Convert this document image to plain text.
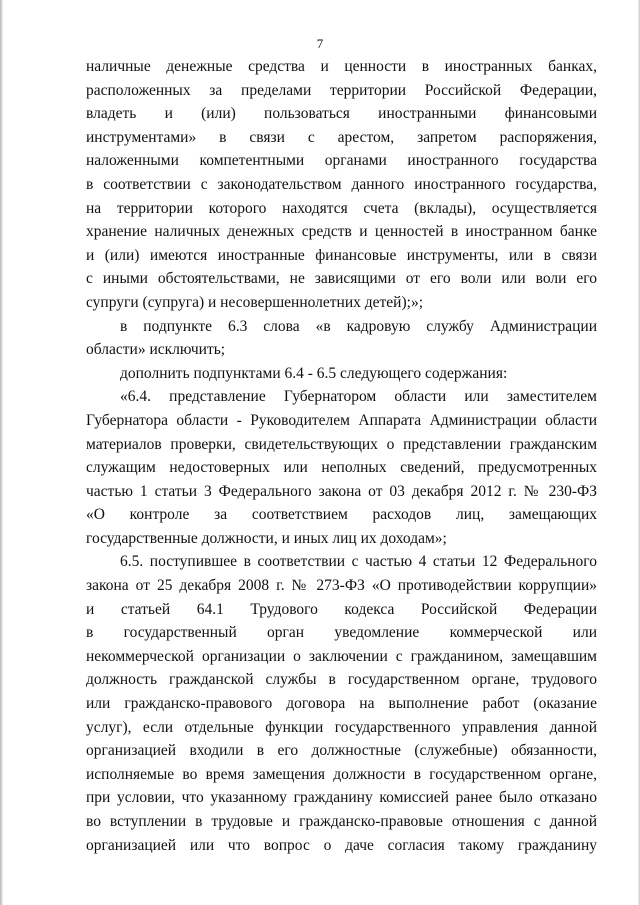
7
наличные денежные средства и ценности в иностранных банках,
расположенных за пределами территории Российской Федерации,
владеть и (или) пользоваться иностранными финансовыми
инструментами» в связи с арестом, запретом распоряжения,
наложенными компетентными органами иностранного государства
в соответствии с законодательством данного иностранного государства,
на территории которого находятся счета (вклады), осуществляется
хранение наличных денежных средств и ценностей в иностранном банке
и (или) имеются иностранные финансовые инструменты, или в связи
с иными обстоятельствами, не зависящими от его воли или воли его
супруги (супруга) и несовершеннолетних детей);»;
в подпункте 6.3 слова «в кадровую службу Администрации
области» исключить;
дополнить подпунктами 6.4 - 6.5 следующего содержания:
«6.4. представление Губернатором области или заместителем
Губернатора области - Руководителем Аппарата Администрации области
материалов проверки, свидетельствующих о представлении гражданским
служащим недостоверных или неполных сведений, предусмотренных
частью 1 статьи 3 Федерального закона от 03 декабря 2012 г. № 230-ФЗ
«О контроле за соответствием расходов лиц, замещающих
государственные должности, и иных лиц их доходам»;
6.5. поступившее в соответствии с частью 4 статьи 12 Федерального
закона от 25 декабря 2008 г. № 273-ФЗ «О противодействии коррупции»
и статьей 64.1 Трудового кодекса Российской Федерации
в государственный орган уведомление коммерческой или
некоммерческой организации о заключении с гражданином, замещавшим
должность гражданской службы в государственном органе, трудового
или гражданско-правового договора на выполнение работ (оказание
услуг), если отдельные функции государственного управления данной
организацией входили в его должностные (служебные) обязанности,
исполняемые во время замещения должности в государственном органе,
при условии, что указанному гражданину комиссией ранее было отказано
во вступлении в трудовые и гражданско-правовые отношения с данной
организацией или что вопрос о даче согласия такому гражданину
